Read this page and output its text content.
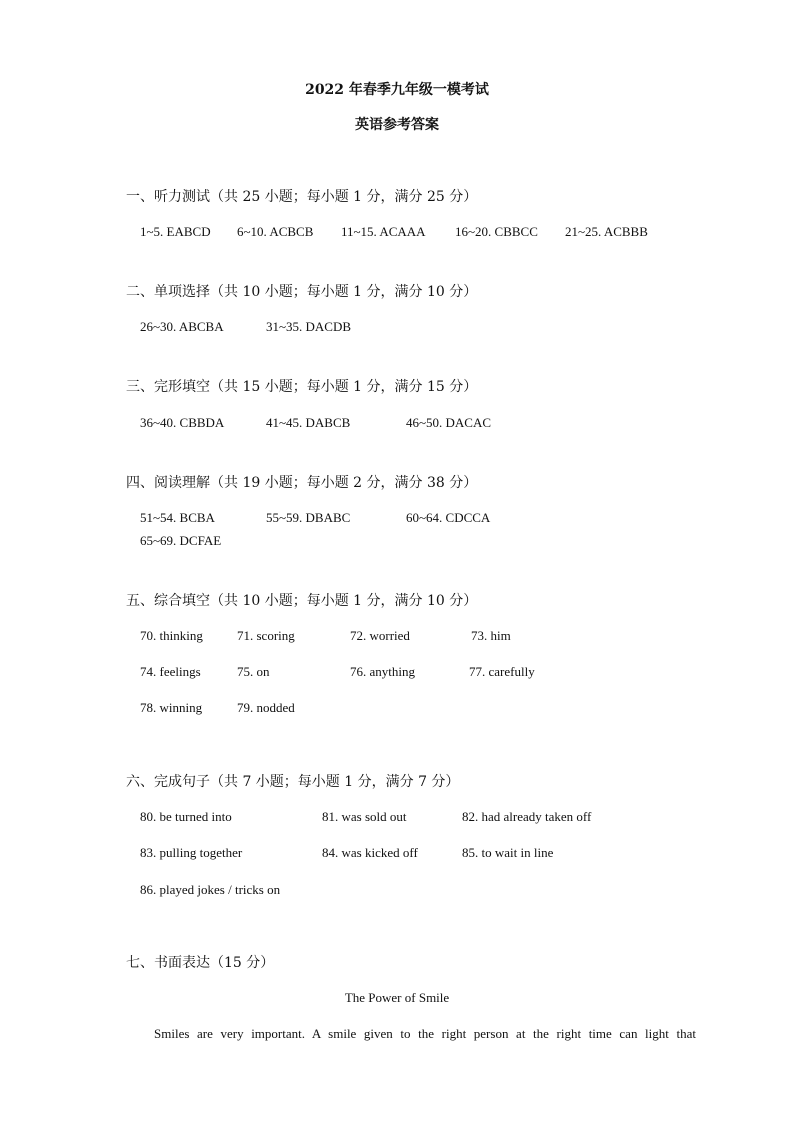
2022 年春季九年级一模考试
英语参考答案
一、听力测试（共 25 小题；每小题 1 分，满分 25 分）
1~5. EABCD 6~10. ACBCB 11~15. ACAAA 16~20. CBBCC 21~25. ACBBB
二、单项选择（共 10 小题；每小题 1 分，满分 10 分）
26~30. ABCBA	31~35. DACDB
三、完形填空（共 15 小题；每小题 1 分，满分 15 分）
36~40. CBBDA	41~45. DABCB	46~50. DACAC
四、阅读理解（共 19 小题；每小题 2 分，满分 38 分）
51~54. BCBA	55~59. DBABC	60~64. CDCCA
65~69. DCFAE
五、综合填空（共 10 小题；每小题 1 分，满分 10 分）
70. thinking	71. scoring	72. worried	73. him
74. feelings	75. on	76. anything	77. carefully
78. winning	79. nodded
六、完成句子（共 7 小题；每小题 1 分，满分 7 分）
80. be turned into	81. was sold out	82. had already taken off
83. pulling together	84. was kicked off	85. to wait in line
86. played jokes / tricks on
七、书面表达（15 分）
The Power of Smile
Smiles are very important. A smile given to the right person at the right time can light that
